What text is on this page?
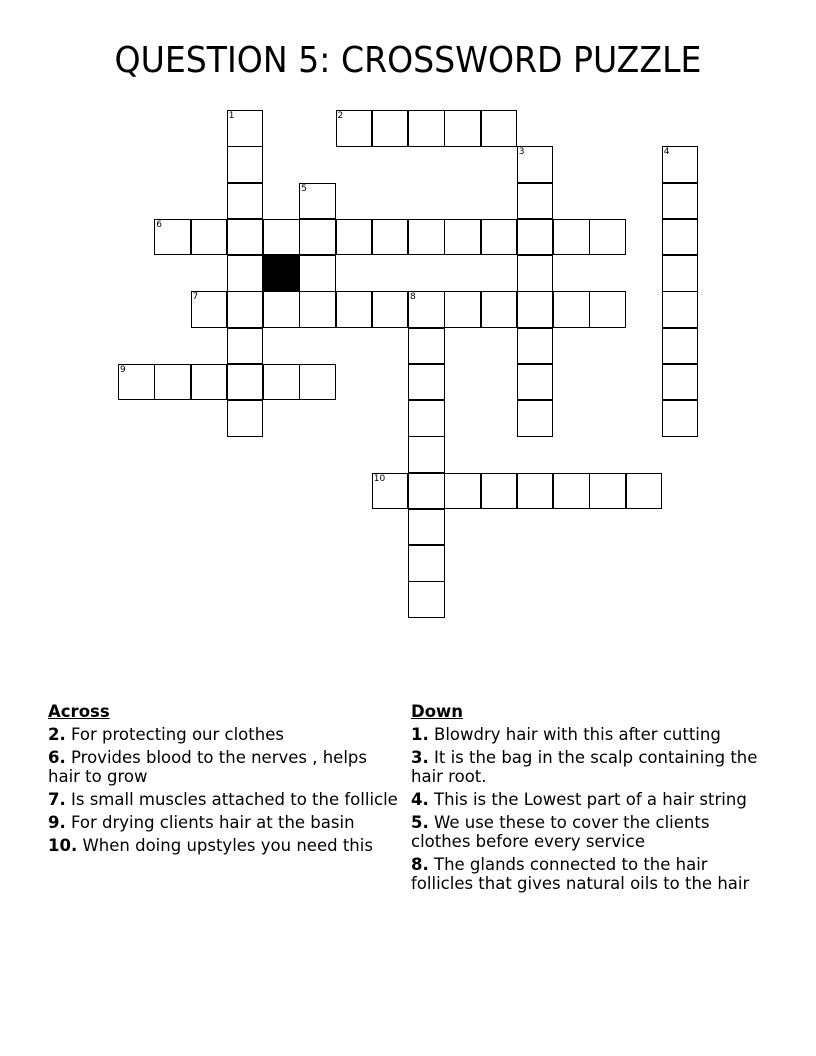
QUESTION 5: CROSSWORD PUZZLE
1	2
3	4
5
6
7	8
9
10
Across
2. For protecting our clothes
6. Provides blood to the nerves , helps hair to grow
7. Is small muscles attached to the follicle
9. For drying clients hair at the basin
10. When doing upstyles you need this
Down
1. Blowdry hair with this after cutting
3. It is the bag in the scalp containing the hair root.
4. This is the Lowest part of a hair string
5. We use these to cover the clients clothes before every service
8. The glands connected to the hair follicles that gives natural oils to the hair
